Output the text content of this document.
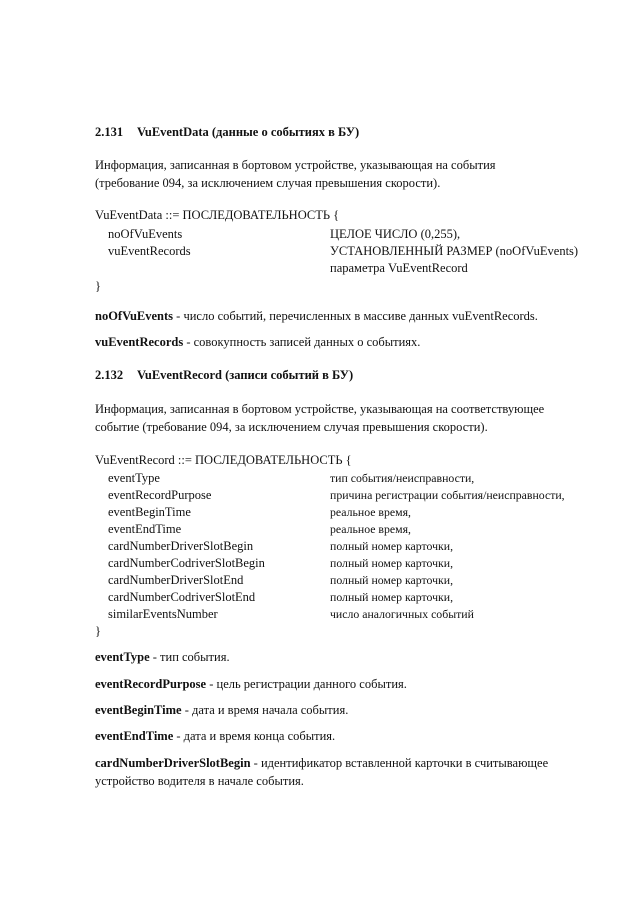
2.131 VuEventData (данные о событиях в БУ)
Информация, записанная в бортовом устройстве, указывающая на события
(требование 094, за исключением случая превышения скорости).
VuEventData ::= ПОСЛЕДОВАТЕЛЬНОСТЬ {
noOfVuEvents	ЦЕЛОЕ ЧИСЛО (0,255),
vuEventRecords	УСТАНОВЛЕННЫЙ РАЗМЕР (noOfVuEvents)
параметра VuEventRecord
}
noOfVuEvents - число событий, перечисленных в массиве данных vuEventRecords.
vuEventRecords - совокупность записей данных о событиях.
2.132 VuEventRecord (записи событий в БУ)
Информация, записанная в бортовом устройстве, указывающая на соответствующее
событие (требование 094, за исключением случая превышения скорости).
VuEventRecord ::= ПОСЛЕДОВАТЕЛЬНОСТЬ {
eventType	тип события/неисправности,
eventRecordPurpose	причина регистрации события/неисправности,
eventBeginTime	реальное время,
eventEndTime	реальное время,
cardNumberDriverSlotBegin	полный номер карточки,
cardNumberCodriverSlotBegin	полный номер карточки,
cardNumberDriverSlotEnd	полный номер карточки,
cardNumberCodriverSlotEnd	полный номер карточки,
similarEventsNumber	число аналогичных событий
}
eventType - тип события.
eventRecordPurpose - цель регистрации данного события.
eventBeginTime - дата и время начала события.
eventEndTime - дата и время конца события.
cardNumberDriverSlotBegin - идентификатор вставленной карточки в считывающее
устройство водителя в начале события.
